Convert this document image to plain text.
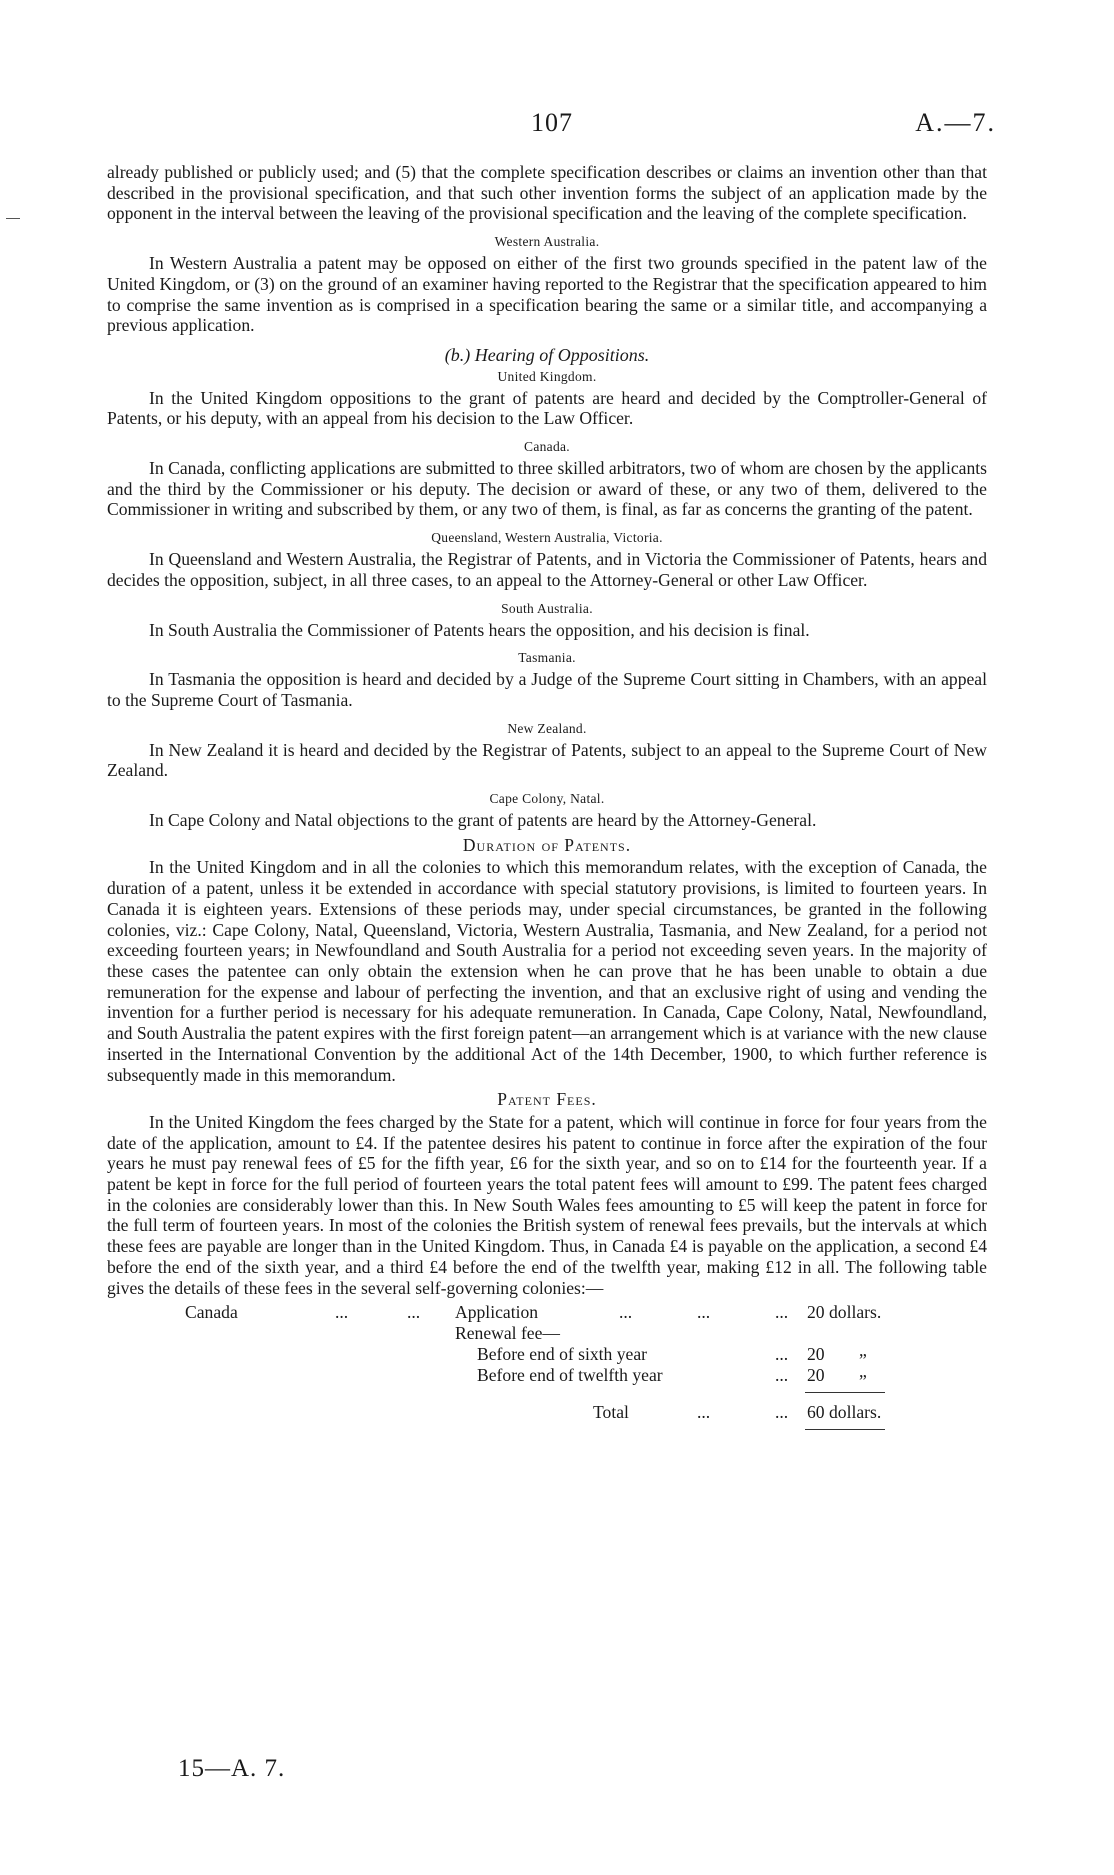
107	A.—7.

already published or publicly used; and (5) that the complete specification describes or claims an invention other than that described in the provisional specification, and that such other invention forms the subject of an application made by the opponent in the interval between the leaving of the provisional specification and the leaving of the complete specification.

Western Australia.

In Western Australia a patent may be opposed on either of the first two grounds specified in the patent law of the United Kingdom, or (3) on the ground of an examiner having reported to the Registrar that the specification appeared to him to comprise the same invention as is comprised in a specification bearing the same or a similar title, and accompanying a previous application.

(b.) Hearing of Oppositions.
United Kingdom.

In the United Kingdom oppositions to the grant of patents are heard and decided by the Comptroller-General of Patents, or his deputy, with an appeal from his decision to the Law Officer.

Canada.

In Canada, conflicting applications are submitted to three skilled arbitrators, two of whom are chosen by the applicants and the third by the Commissioner or his deputy. The decision or award of these, or any two of them, delivered to the Commissioner in writing and subscribed by them, or any two of them, is final, as far as concerns the granting of the patent.

Queensland, Western Australia, Victoria.

In Queensland and Western Australia, the Registrar of Patents, and in Victoria the Commissioner of Patents, hears and decides the opposition, subject, in all three cases, to an appeal to the Attorney-General or other Law Officer.

South Australia.

In South Australia the Commissioner of Patents hears the opposition, and his decision is final.

Tasmania.

In Tasmania the opposition is heard and decided by a Judge of the Supreme Court sitting in Chambers, with an appeal to the Supreme Court of Tasmania.

New Zealand.

In New Zealand it is heard and decided by the Registrar of Patents, subject to an appeal to the Supreme Court of New Zealand.

Cape Colony, Natal.

In Cape Colony and Natal objections to the grant of patents are heard by the Attorney-General.

Duration of Patents.

In the United Kingdom and in all the colonies to which this memorandum relates, with the exception of Canada, the duration of a patent, unless it be extended in accordance with special statutory provisions, is limited to fourteen years. In Canada it is eighteen years. Extensions of these periods may, under special circumstances, be granted in the following colonies, viz.: Cape Colony, Natal, Queensland, Victoria, Western Australia, Tasmania, and New Zealand, for a period not exceeding fourteen years; in Newfoundland and South Australia for a period not exceeding seven years. In the majority of these cases the patentee can only obtain the extension when he can prove that he has been unable to obtain a due remuneration for the expense and labour of perfecting the invention, and that an exclusive right of using and vending the invention for a further period is necessary for his adequate remuneration. In Canada, Cape Colony, Natal, Newfoundland, and South Australia the patent expires with the first foreign patent—an arrangement which is at variance with the new clause inserted in the International Convention by the additional Act of the 14th December, 1900, to which further reference is subsequently made in this memorandum.

Patent Fees.

In the United Kingdom the fees charged by the State for a patent, which will continue in force for four years from the date of the application, amount to £4. If the patentee desires his patent to continue in force after the expiration of the four years he must pay renewal fees of £5 for the fifth year, £6 for the sixth year, and so on to £14 for the fourteenth year. If a patent be kept in force for the full period of fourteen years the total patent fees will amount to £99. The patent fees charged in the colonies are considerably lower than this. In New South Wales fees amounting to £5 will keep the patent in force for the full term of fourteen years. In most of the colonies the British system of renewal fees prevails, but the intervals at which these fees are payable are longer than in the United Kingdom. Thus, in Canada £4 is payable on the application, a second £4 before the end of the sixth year, and a third £4 before the end of the twelfth year, making £12 in all. The following table gives the details of these fees in the several self-governing colonies:—

Canada	...	... Application	...	...	... 20 dollars.
Renewal fee—
Before end of sixth year	... 20 „
Before end of twelfth year	... 20 „
Total	...	... 60 dollars.
15—A. 7.
